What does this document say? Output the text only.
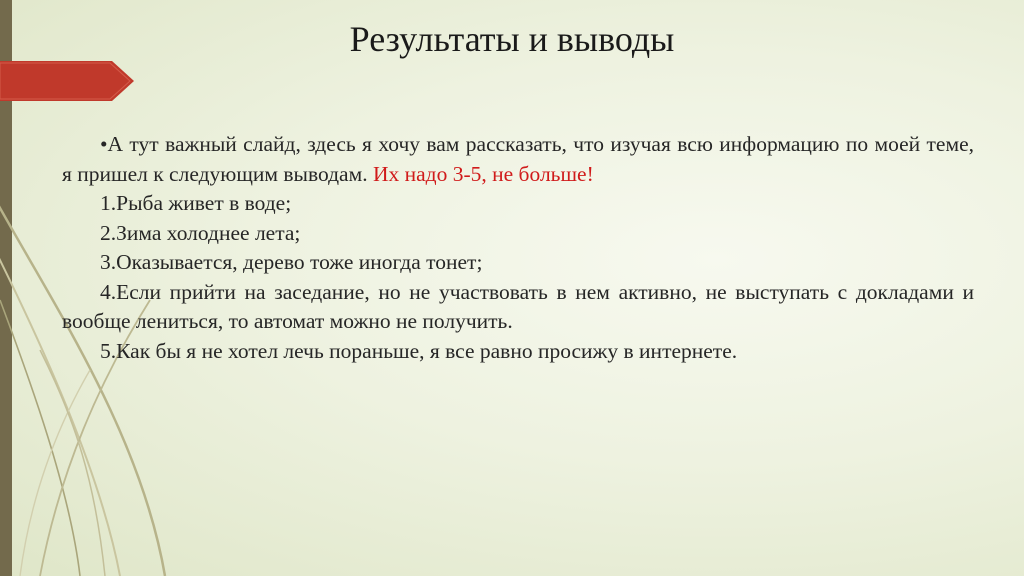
Результаты и выводы

•А тут важный слайд, здесь я хочу вам рассказать, что изучая всю информацию по моей теме, я пришел к следующим выводам. Их надо 3-5, не больше!

1.Рыба живет в воде;

2.Зима холоднее лета;

3.Оказывается, дерево тоже иногда тонет;

4.Если прийти на заседание, но не участвовать в нем активно, не выступать с докладами и вообще лениться, то автомат можно не получить.

5.Как бы я не хотел лечь пораньше, я все равно просижу в интернете.
